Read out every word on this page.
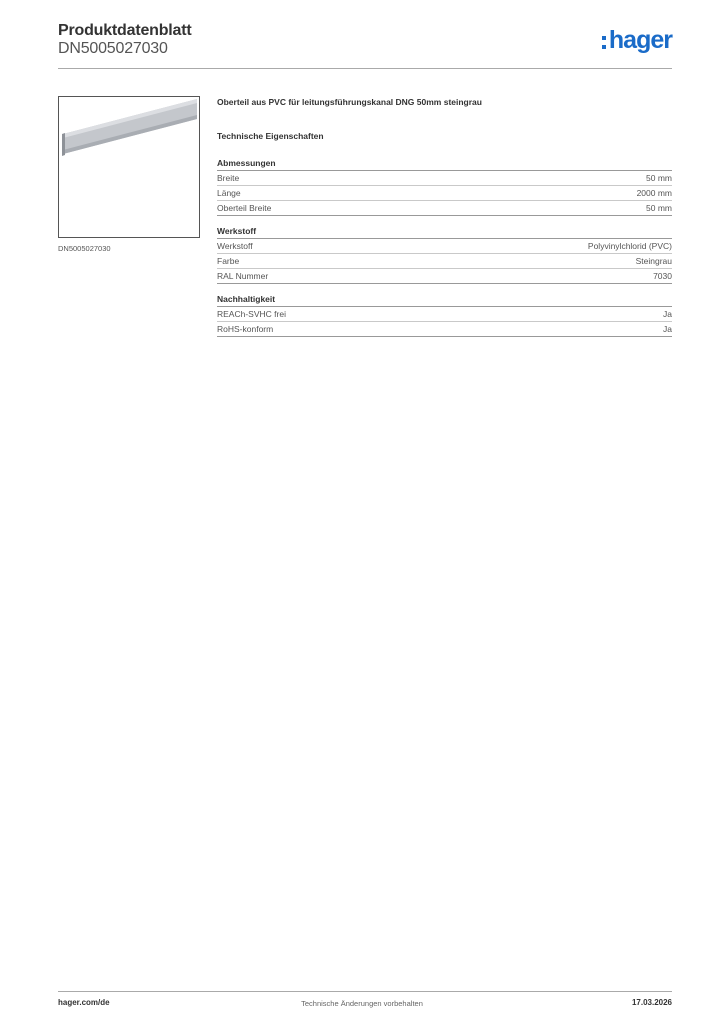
Produktdatenblatt
DN5005027030	hager
DN5005027030
Oberteil aus PVC für leitungsführungskanal DNG 50mm steingrau
Technische Eigenschaften
Abmessungen
Breite	50 mm
Länge	2000 mm
Oberteil Breite	50 mm
Werkstoff
Werkstoff	Polyvinylchlorid (PVC)
Farbe	Steingrau
RAL Nummer	7030
Nachhaltigkeit
REACh-SVHC frei	Ja
RoHS-konform	Ja
hager.com/de	Technische Änderungen vorbehalten	17.03.2026
